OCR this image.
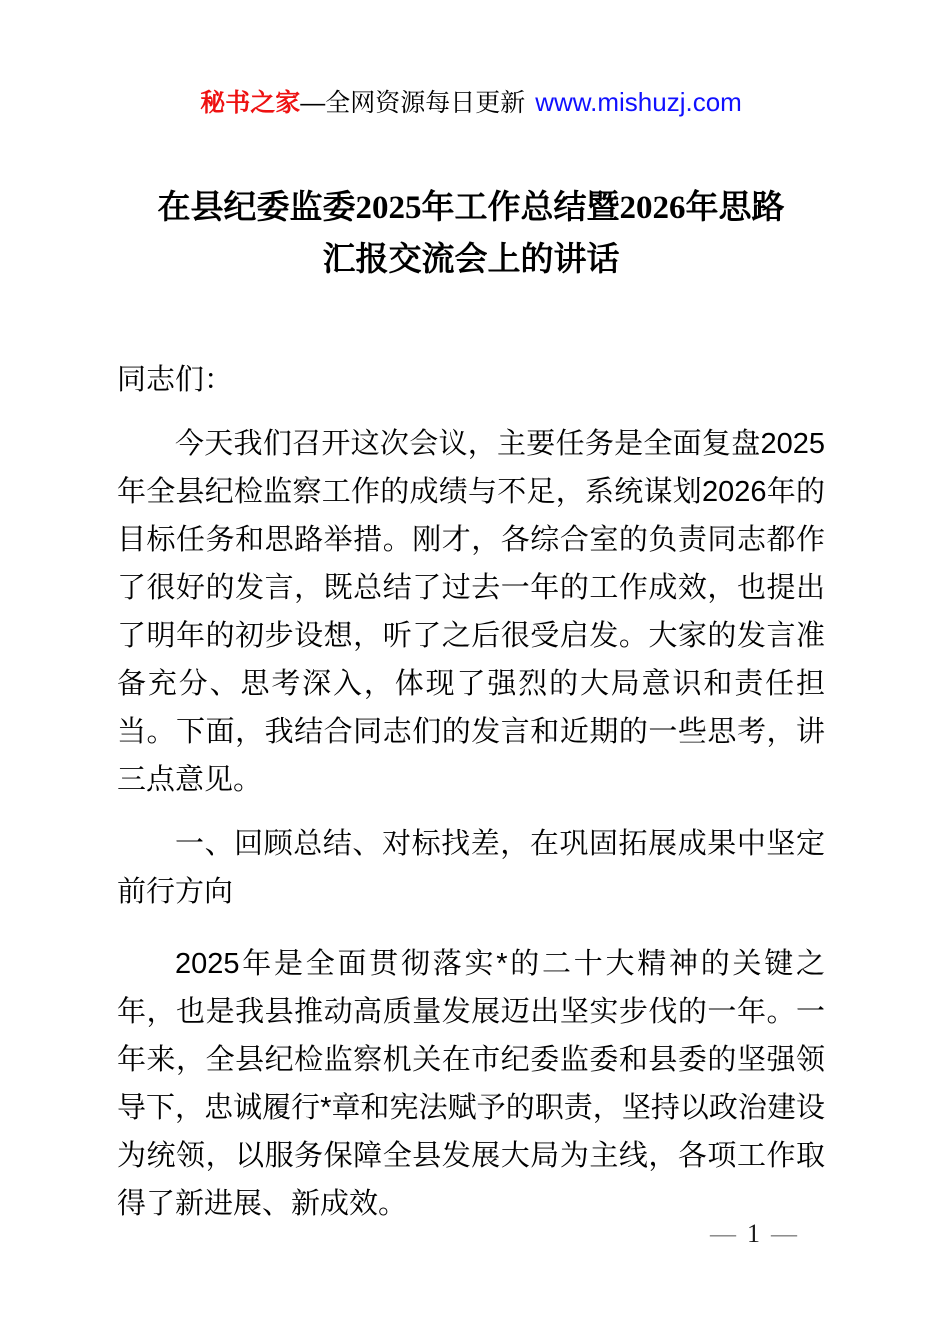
秘书之家—全网资源每日更新 www.mishuzj.com
在县纪委监委2025年工作总结暨2026年思路
汇报交流会上的讲话

同志们：

今天我们召开这次会议，主要任务是全面复盘2025年全县纪检监察工作的成绩与不足，系统谋划2026年的目标任务和思路举措。刚才，各综合室的负责同志都作了很好的发言，既总结了过去一年的工作成效，也提出了明年的初步设想，听了之后很受启发。大家的发言准备充分、思考深入，体现了强烈的大局意识和责任担当。下面，我结合同志们的发言和近期的一些思考，讲三点意见。

一、回顾总结、对标找差，在巩固拓展成果中坚定前行方向

2025年是全面贯彻落实*的二十大精神的关键之年，也是我县推动高质量发展迈出坚实步伐的一年。一年来，全县纪检监察机关在市纪委监委和县委的坚强领导下，忠诚履行*章和宪法赋予的职责，坚持以政治建设为统领，以服务保障全县发展大局为主线，各项工作取得了新进展、新成效。

— 1 —
